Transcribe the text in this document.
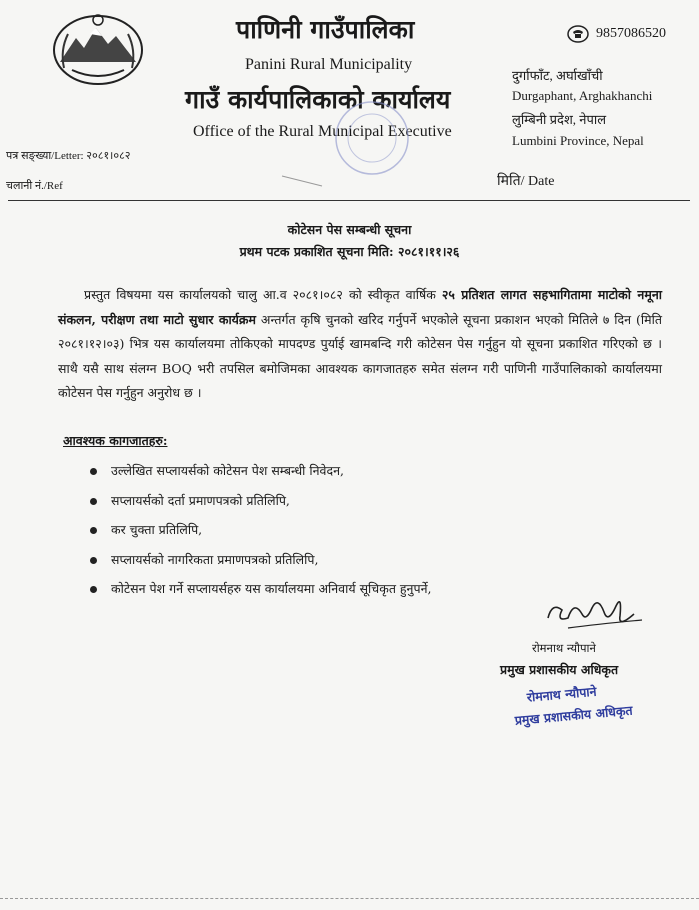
पाणिनी गाउँपालिका
Panini Rural Municipality
गाउँ कार्यपालिकाको कार्यालय
Office of the Rural Municipal Executive
9857086520
दुर्गाफाँट, अर्घाखाँची
Durgaphant, Arghakhanchi
लुम्बिनी प्रदेश, नेपाल
Lumbini Province, Nepal
पत्र सङ्ख्या/Letter: २०८१।०८२
चलानी नं./Ref	मिति/ Date
कोटेसन पेस सम्बन्धी सूचना
प्रथम पटक प्रकाशित सूचना मिति: २०८१।११।२६

प्रस्तुत विषयमा यस कार्यालयको चालु आ.व २०८१।०८२ को स्वीकृत वार्षिक २५ प्रतिशत लागत सहभागितामा माटोको नमूना संकलन, परीक्षण तथा माटो सुधार कार्यक्रम अन्तर्गत कृषि चुनको खरिद गर्नुपर्ने भएकोले सूचना प्रकाशन भएको मितिले ७ दिन (मिति २०८१।१२।०३) भित्र यस कार्यालयमा तोकिएको मापदण्ड पुर्याई खामबन्दि गरी कोटेसन पेस गर्नुहुन यो सूचना प्रकाशित गरिएको छ । साथै यसै साथ संलग्न BOQ भरी तपसिल बमोजिमका आवश्यक कागजातहरु समेत संलग्न गरी पाणिनी गाउँपालिकाको कार्यालयमा कोटेसन पेस गर्नुहुन अनुरोध छ ।

आवश्यक कागजातहरु:
उल्लेखित सप्लायर्सको कोटेसन पेश सम्बन्धी निवेदन,
सप्लायर्सको दर्ता प्रमाणपत्रको प्रतिलिपि,
कर चुक्ता प्रतिलिपि,
सप्लायर्सको नागरिकता प्रमाणपत्रको प्रतिलिपि,
कोटेसन पेश गर्ने सप्लायर्सहरु यस कार्यालयमा अनिवार्य सूचिकृत हुनुपर्ने,
रोमनाथ न्यौपाने
प्रमुख प्रशासकीय अधिकृत
रोमनाथ न्यौपाने
प्रमुख प्रशासकीय अधिकृत
